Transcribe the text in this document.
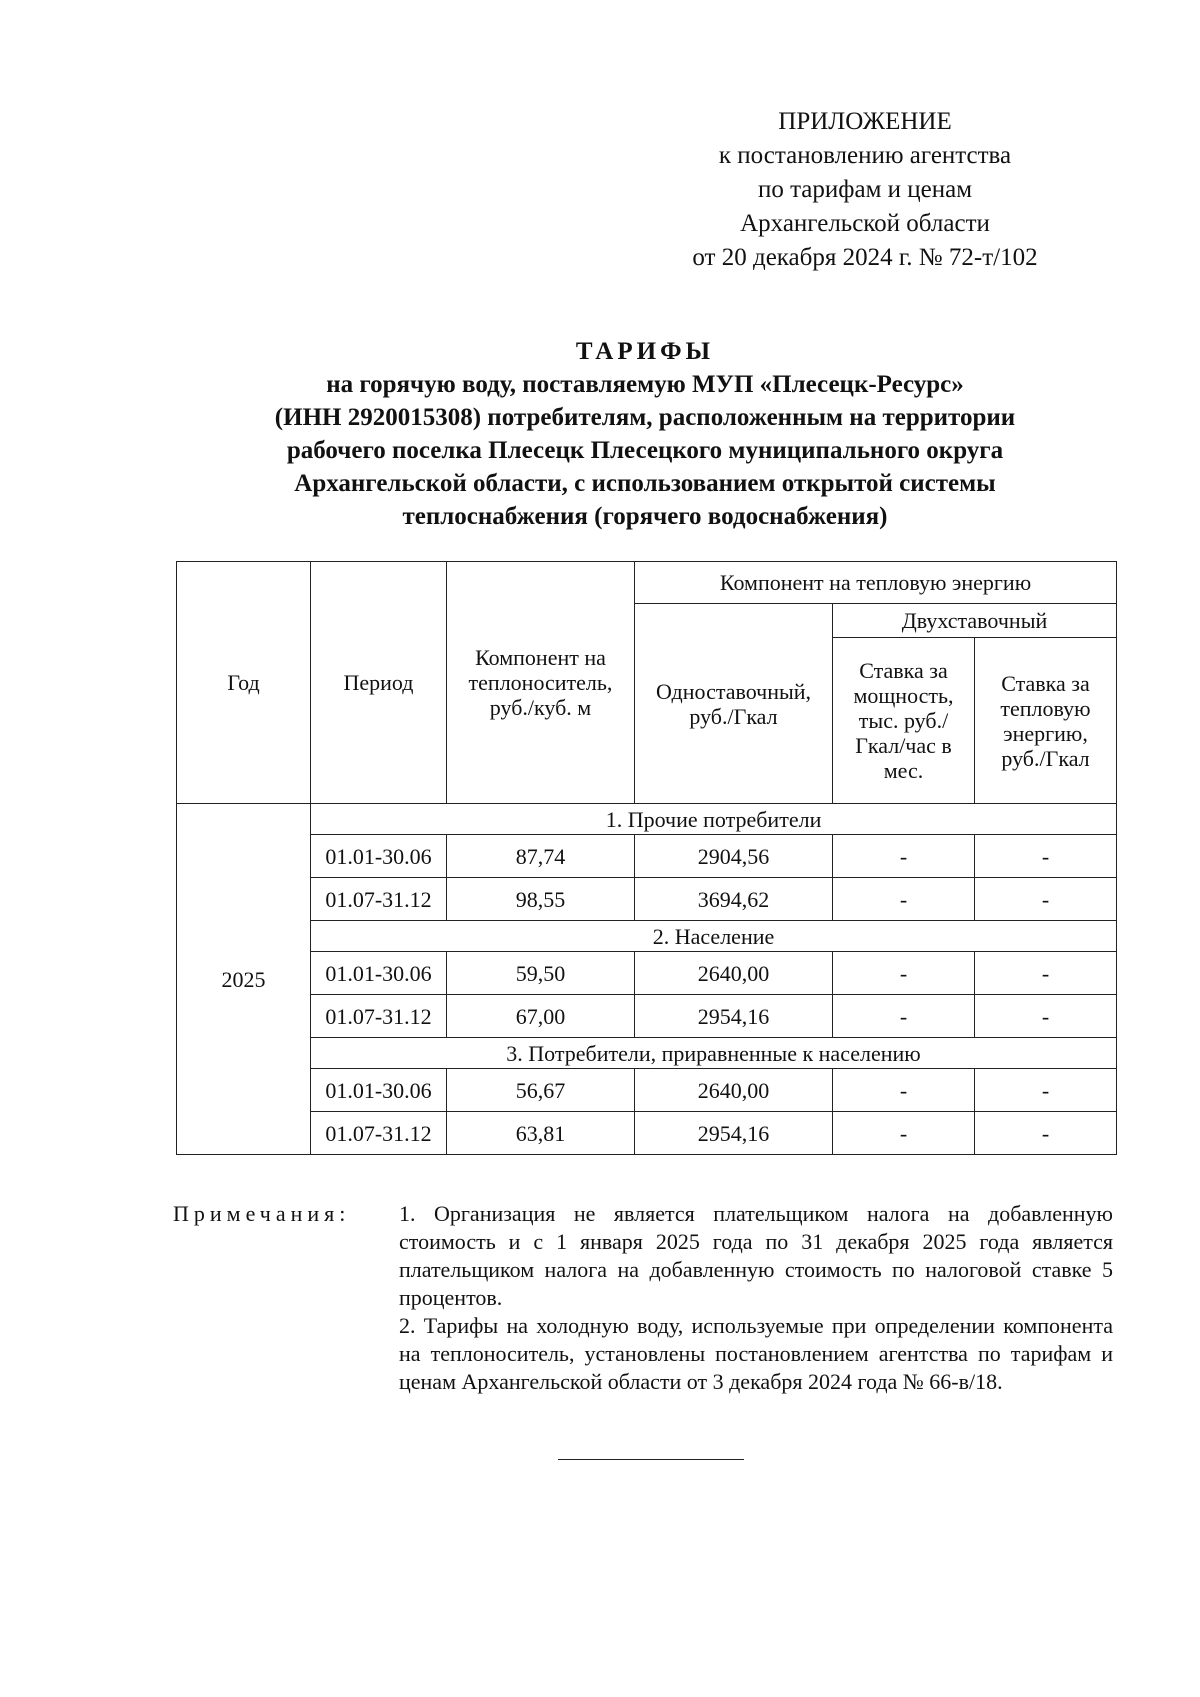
ПРИЛОЖЕНИЕ
к постановлению агентства
по тарифам и ценам
Архангельской области
от 20 декабря 2024 г. № 72-т/102
ТАРИФЫ
на горячую воду, поставляемую МУП «Плесецк-Ресурс»
(ИНН 2920015308) потребителям, расположенным на территории
рабочего поселка Плесецк Плесецкого муниципального округа
Архангельской области, с использованием открытой системы
теплоснабжения (горячего водоснабжения)
Год	Период	Компонент на теплоноситель, руб./куб. м	Компонент на тепловую энергию		
			Одноставочный, руб./Гкал	Двухставочный	
				Ставка за мощность, тыс. руб./ Гкал/час в мес.	Ставка за тепловую энергию, руб./Гкал
2025	1. Прочие потребители				
	01.01-30.06	87,74	2904,56	-	-
	01.07-31.12	98,55	3694,62	-	-
	2. Население				
	01.01-30.06	59,50	2640,00	-	-
	01.07-31.12	67,00	2954,16	-	-
	3. Потребители, приравненные к населению				
	01.01-30.06	56,67	2640,00	-	-
	01.07-31.12	63,81	2954,16	-	-
Примечания: 1. Организация не является плательщиком налога на добавленную стоимость и с 1 января 2025 года по 31 декабря 2025 года является плательщиком налога на добавленную стоимость по налоговой ставке 5 процентов.

2. Тарифы на холодную воду, используемые при определении компонента на теплоноситель, установлены постановлением агентства по тарифам и ценам Архангельской области от 3 декабря 2024 года № 66-в/18.
